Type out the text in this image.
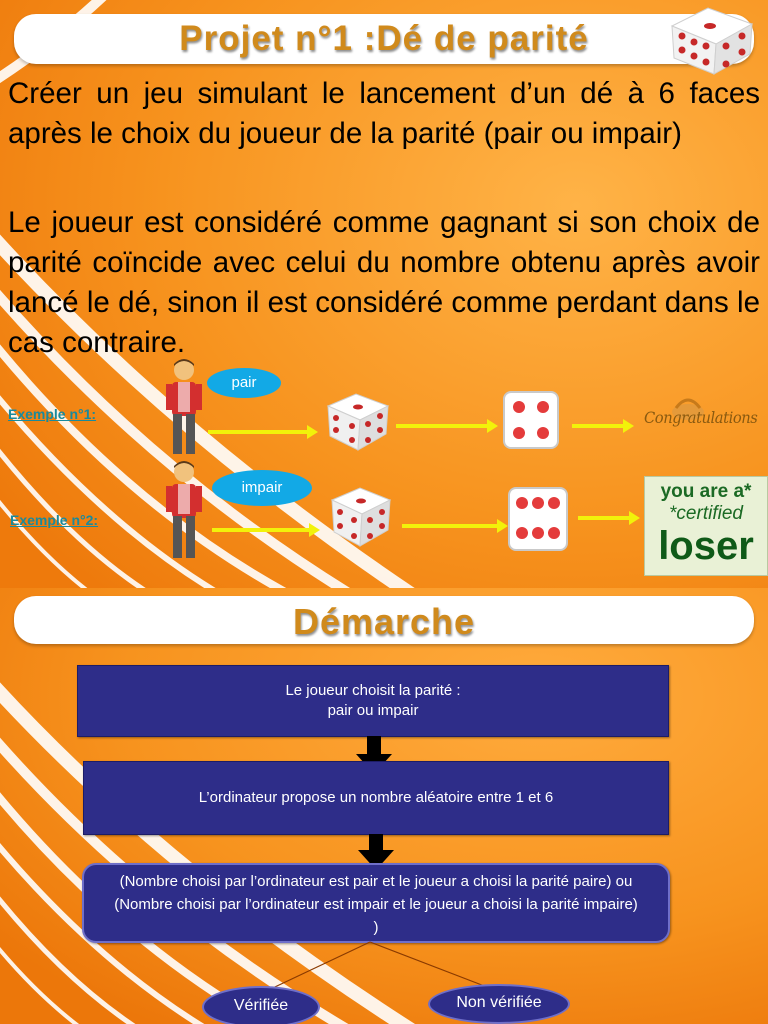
Projet n°1 :Dé de parité
Créer un jeu simulant le lancement d’un dé à 6 faces après le choix du joueur de la parité (pair ou impair)
Le joueur est considéré comme gagnant si son choix de parité coïncide avec celui du nombre obtenu après avoir lancé le dé, sinon il est considéré comme perdant dans le cas contraire.
Exemple n°1:
pair
Congratulations
Exemple n°2:
impair	you are a*
*certified
loser
Démarche
Le joueur choisit la parité :
pair ou impair
L’ordinateur propose un nombre aléatoire entre 1 et 6
(Nombre choisi par l’ordinateur est pair et le joueur a choisi la parité paire) ou (Nombre choisi par l’ordinateur est impair et le joueur a choisi la parité impaire) )
Vérifiée	Non vérifiée
